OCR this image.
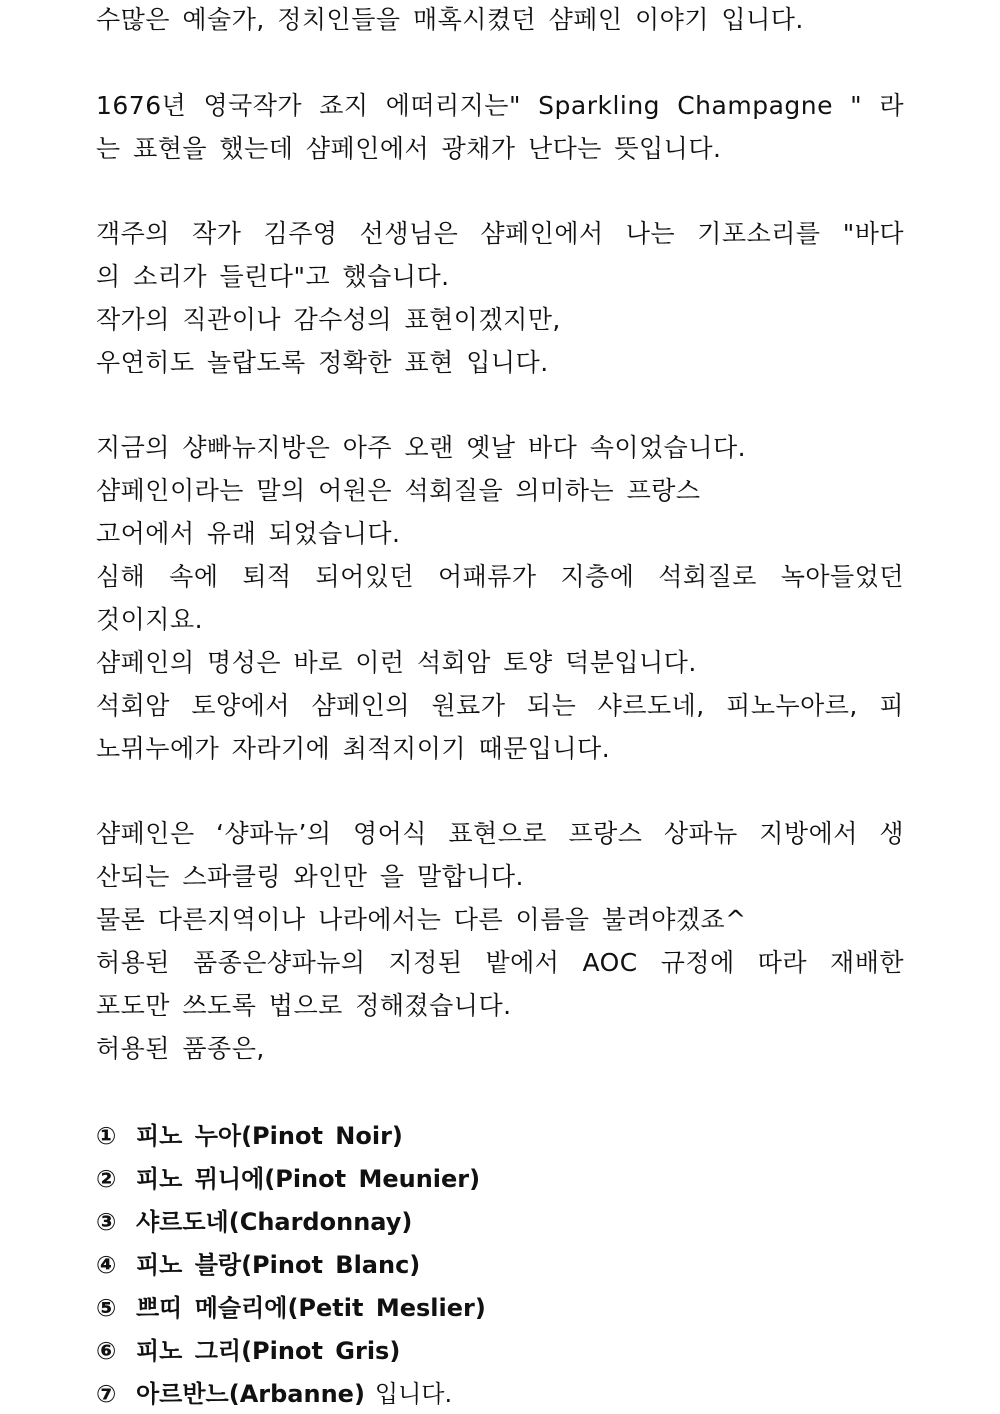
수많은 예술가, 정치인들을 매혹시켰던 샴페인 이야기 입니다.
1676년 영국작가 죠지 에떠리지는" Sparkling Champagne " 라
는 표현을 했는데 샴페인에서 광채가 난다는 뜻입니다.
객주의 작가 김주영 선생님은 샴페인에서 나는 기포소리를 "바다
의 소리가 들린다"고 했습니다.
작가의 직관이나 감수성의 표현이겠지만,
우연히도 놀랍도록 정확한 표현 입니다.
지금의 샹빠뉴지방은 아주 오랜 옛날 바다 속이었습니다.
샴페인이라는 말의 어원은 석회질을 의미하는 프랑스
고어에서 유래 되었습니다.
심해 속에 퇴적 되어있던 어패류가 지층에 석회질로 녹아들었던
것이지요.
샴페인의 명성은 바로 이런 석회암 토양 덕분입니다.
석회암 토양에서 샴페인의 원료가 되는 샤르도네, 피노누아르, 피
노뮈누에가 자라기에 최적지이기 때문입니다.
샴페인은 ‘샹파뉴’의 영어식 표현으로 프랑스 상파뉴 지방에서 생
산되는 스파클링 와인만 을 말합니다.
물론 다른지역이나 나라에서는 다른 이름을 불려야겠죠^
허용된 품종은샹파뉴의 지정된 밭에서 AOC 규정에 따라 재배한
포도만 쓰도록 법으로 정해졌습니다.
허용된 품종은,
① 피노 누아(Pinot Noir)
② 피노 뮈니에(Pinot Meunier)
③ 샤르도네(Chardonnay)
④ 피노 블랑(Pinot Blanc)
⑤ 쁘띠 메슬리에(Petit Meslier)
⑥ 피노 그리(Pinot Gris)
⑦ 아르반느(Arbanne) 입니다.
